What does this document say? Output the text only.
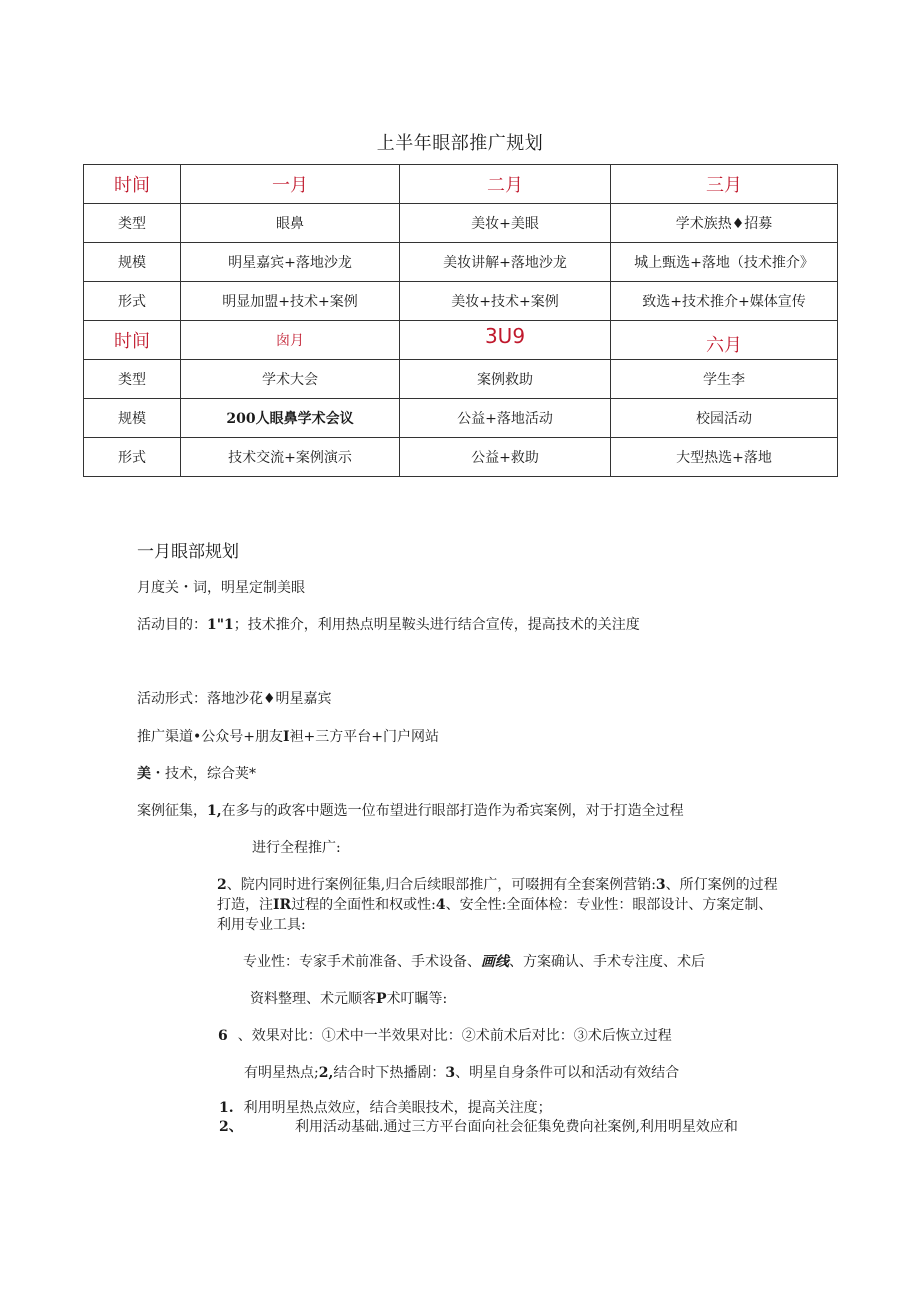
上半年眼部推广规划
时间	一月	二月	三月
类型	眼鼻	美妆+美眼	学术族热♦招募
规模	明星嘉宾+落地沙龙	美妆讲解+落地沙龙	城上甄选+落地（技术推介》
形式	明显加盟+技术+案例	美妆+技术+案例	致选+技术推介+媒体宣传
时间	囱月	3U9	六月
类型	学术大会	案例救助	学生李
规模	200人眼鼻学术会议	公益+落地活动	校园活动
形式	技术交流+案例演示	公益+救助	大型热选+落地
一月眼部规划
月度关・词，明星定制美眼
活动目的：1"1；技术推介，利用热点明星鞍头进行结合宣传，提高技术的关注度
活动形式：落地沙花♦明星嘉宾
推广渠道•公众号+朋友I袒+三方平台+门户网站
美・技术，综合荚*
案例征集，1,在多与的政客中题选一位布望进行眼部打造作为希宾案例，对于打造全过程
进行全程推广:
2、院内同时进行案例征集,归合后续眼部推广，可啜拥有全套案例营销:3、所仃案例的过程
打造，注IR过程的全面性和权或性:4、安全性:全面体检：专业性：眼部设计、方案定制、
利用专业工具:
专业性：专家手术前准备、手术设备、画线、方案确认、手术专注度、术后
资料整理、术元顺客P术叮瞩等:
6 、效果对比：①术中一半效果对比：②术前术后对比：③术后恢立过程
有明星热点;2,结合时下热播剧：3、明星自身条件可以和活动有效结合
1. 利用明星热点效应，结合美眼技术，提高关注度；
2、	利用活动基础.通过三方平台面向社会征集免费向社案例,利用明星效应和
